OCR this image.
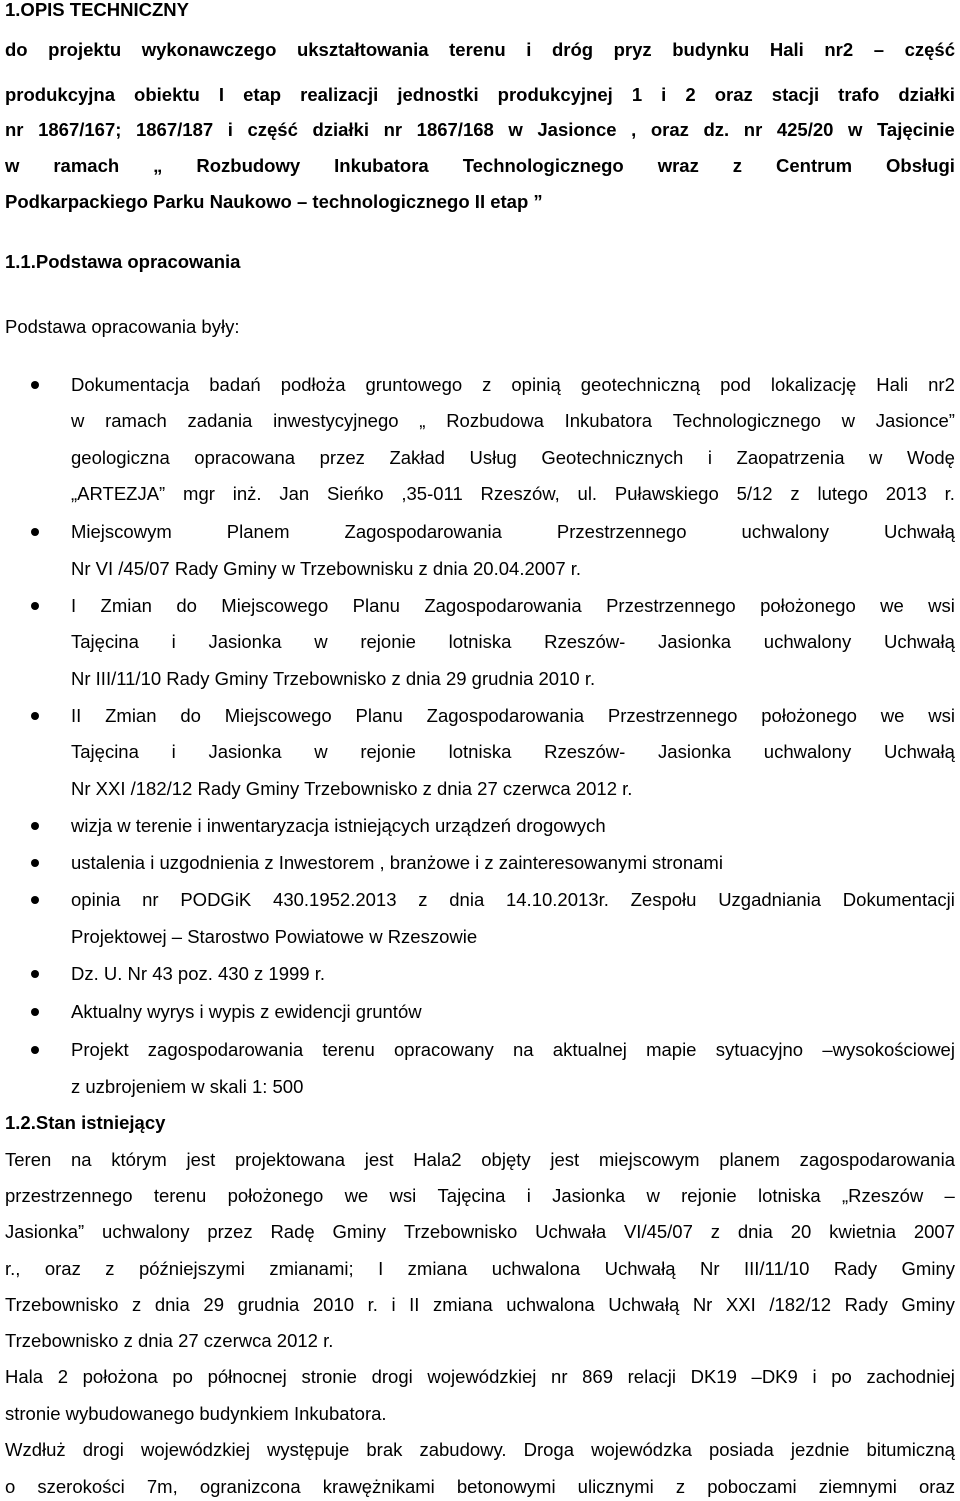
1.OPIS TECHNICZNY
do projektu wykonawczego ukształtowania terenu i dróg pryz budynku Hali nr2 – część
produkcyjna obiektu I etap realizacji jednostki produkcyjnej 1 i 2 oraz stacji trafo działki
nr 1867/167; 1867/187 i część działki nr 1867/168 w Jasionce , oraz dz. nr 425/20 w Tajęcinie
w ramach „ Rozbudowy Inkubatora Technologicznego wraz z Centrum Obsługi
Podkarpackiego Parku Naukowo – technologicznego II etap ”
1.1.Podstawa opracowania
Podstawa opracowania były:
Dokumentacja badań podłoża gruntowego z opinią geotechniczną pod lokalizację Hali nr2
w ramach zadania inwestycyjnego „ Rozbudowa Inkubatora Technologicznego w Jasionce”
geologiczna opracowana przez Zakład Usług Geotechnicznych i Zaopatrzenia w Wodę
„ARTEZJA” mgr inż. Jan Sieńko ,35-011 Rzeszów, ul. Puławskiego 5/12 z lutego 2013 r.
Miejscowym	Planem	Zagospodarowania	Przestrzennego	uchwalony	Uchwałą
Nr VI /45/07 Rady Gminy w Trzebownisku z dnia 20.04.2007 r.
I Zmian do Miejscowego Planu Zagospodarowania Przestrzennego położonego we wsi
Tajęcina i Jasionka w rejonie lotniska Rzeszów- Jasionka uchwalony Uchwałą
Nr III/11/10 Rady Gminy Trzebownisko z dnia 29 grudnia 2010 r.
II Zmian do Miejscowego Planu Zagospodarowania Przestrzennego położonego we wsi
Tajęcina i Jasionka w rejonie lotniska Rzeszów- Jasionka uchwalony Uchwałą
Nr XXI /182/12 Rady Gminy Trzebownisko z dnia 27 czerwca 2012 r.
wizja w terenie i inwentaryzacja istniejących urządzeń drogowych
ustalenia i uzgodnienia z Inwestorem , branżowe i z zainteresowanymi stronami
opinia nr PODGiK 430.1952.2013 z dnia 14.10.2013r. Zespołu Uzgadniania Dokumentacji
Projektowej – Starostwo Powiatowe w Rzeszowie
Dz. U. Nr 43 poz. 430 z 1999 r.
Aktualny wyrys i wypis z ewidencji gruntów
Projekt zagospodarowania terenu opracowany na aktualnej mapie sytuacyjno –wysokościowej
z uzbrojeniem w skali 1: 500
1.2.Stan istniejący
Teren na którym jest projektowana jest Hala2 objęty jest miejscowym planem zagospodarowania
przestrzennego terenu położonego we wsi Tajęcina i Jasionka w rejonie lotniska „Rzeszów –
Jasionka” uchwalony przez Radę Gminy Trzebownisko Uchwała VI/45/07 z dnia 20 kwietnia 2007
r., oraz z późniejszymi zmianami; I zmiana uchwalona Uchwałą Nr III/11/10 Rady Gminy
Trzebownisko z dnia 29 grudnia 2010 r. i II zmiana uchwalona Uchwałą Nr XXI /182/12 Rady Gminy
Trzebownisko z dnia 27 czerwca 2012 r.
Hala 2 położona po północnej stronie drogi wojewódzkiej nr 869 relacji DK19 –DK9 i po zachodniej
stronie wybudowanego budynkiem Inkubatora.
Wzdłuż drogi wojewódzkiej występuje brak zabudowy. Droga wojewódzka posiada jezdnie bitumiczną
o szerokości 7m, ogranizcona krawężnikami betonowymi ulicznymi z poboczami ziemnymi oraz
